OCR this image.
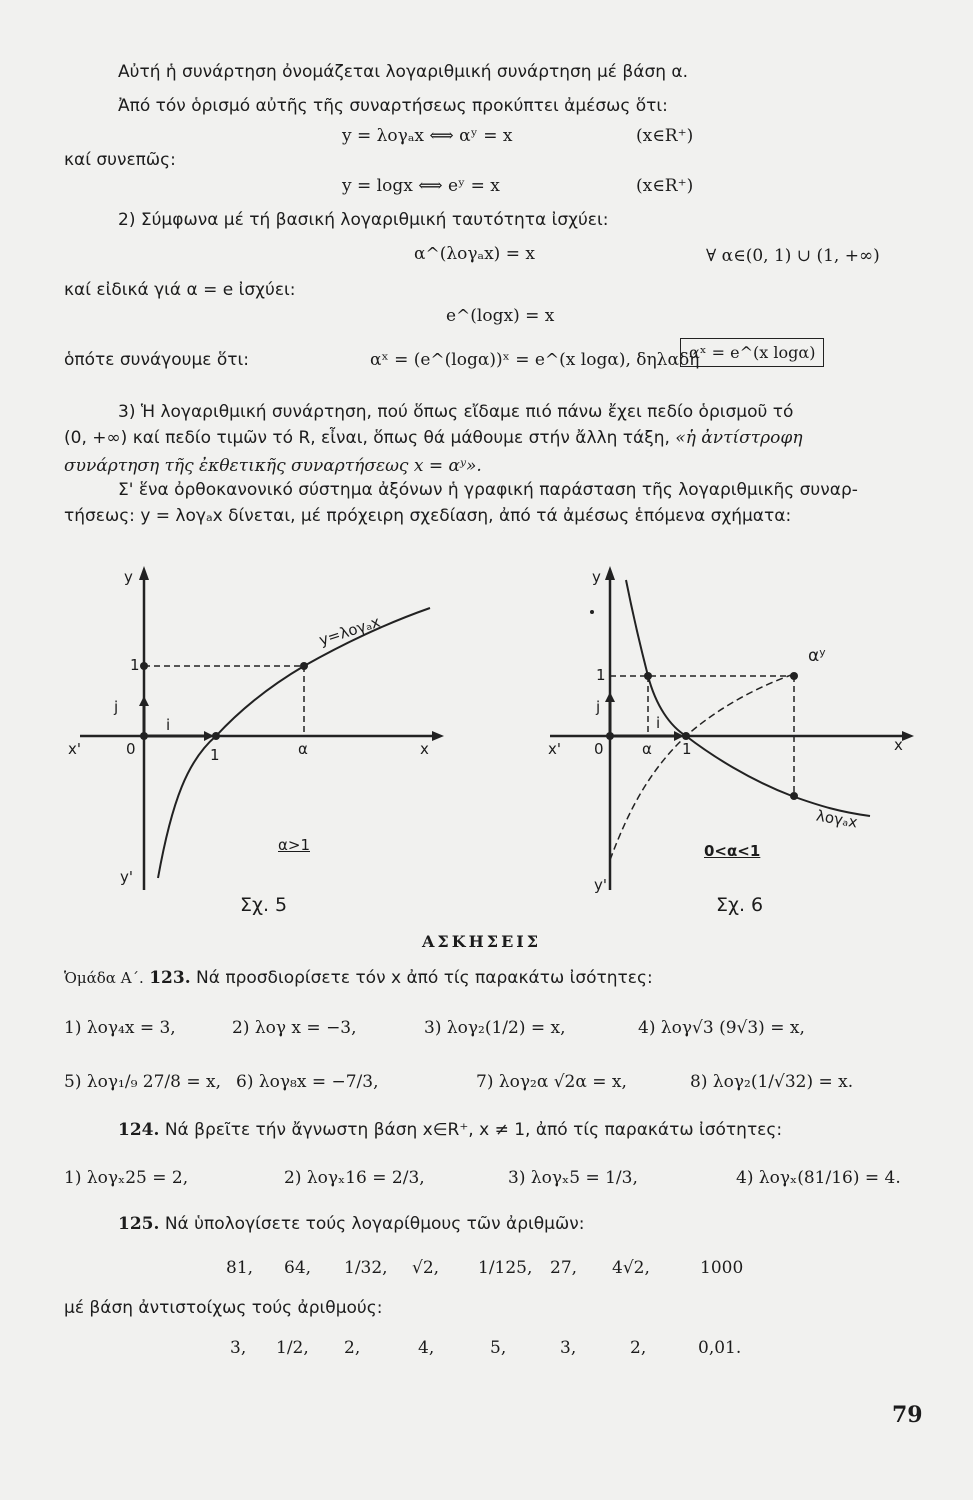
Αὐτή ἡ συνάρτηση ὀνομάζεται λογαριθμική συνάρτηση μέ βάση α.
Ἀπό τόν ὁρισμό αὐτῆς τῆς συναρτήσεως προκύπτει ἀμέσως ὅτι:
y = λογₐx ⟺ αʸ = x	(x∈R⁺)
καί συνεπῶς:
y = logx ⟺ eʸ = x	(x∈R⁺)
2) Σύμφωνα μέ τή βασική λογαριθμική ταυτότητα ἰσχύει:
α^(λογₐx) = x	∀ α∈(0, 1) ∪ (1, +∞)
καί εἰδικά γιά α = e ἰσχύει:
e^(logx) = x
ὁπότε συνάγουμε ὅτι:	αˣ = (e^(logα))ˣ = e^(x logα), δηλαδή
αˣ = e^(x logα)
3) Ἡ λογαριθμική συνάρτηση, πού ὅπως εἴδαμε πιό πάνω ἔχει πεδίο ὁρισμοῦ τό
(0, +∞) καί πεδίο τιμῶν τό R, εἶναι, ὅπως θά μάθουμε στήν ἄλλη τάξη, «ἡ ἀντίστροφη
συνάρτηση τῆς ἐκθετικῆς συναρτήσεως x = αʸ».
Σ' ἕνα ὀρθοκανονικό σύστημα ἀξόνων ἡ γραφική παράσταση τῆς λογαριθμικῆς συναρ-
τήσεως: y = λογₐx δίνεται, μέ πρόχειρη σχεδίαση, ἀπό τά ἀμέσως ἑπόμενα σχήματα:
y
y'
x
x'	0
1
1	α
j
i
y=λογₐx
α>1
Σχ. 5
y
y'
x
x' 0
1
1
α
j
i
αʸ
λογₐx
0<α<1
Σχ. 6
ΑΣΚΗΣΕΙΣ
Ὁμάδα Α΄. 123. Νά προσδιορίσετε τόν x ἀπό τίς παρακάτω ἰσότητες:
1) λογ₄x = 3,	2) λογ x = −3,	3) λογ₂(1/2) = x,	4) λογ√3 (9√3) = x,
5) λογ₁/₉ 27/8 = x, 6) λογ₈x = −7/3,	7) λογ₂α √2α = x,	8) λογ₂(1/√32) = x.
124. Νά βρεῖτε τήν ἄγνωστη βάση x∈R⁺, x ≠ 1, ἀπό τίς παρακάτω ἰσότητες:
1) λογₓ25 = 2,	2) λογₓ16 = 2/3,	3) λογₓ5 = 1/3,	4) λογₓ(81/16) = 4.
125. Νά ὑπολογίσετε τούς λογαρίθμους τῶν ἀριθμῶν:
81, 64, 1/32, √2, 1/125, 27, 4√2,	1000
μέ βάση ἀντιστοίχως τούς ἀριθμούς:
3, 1/2, 2,	4,	5,	3,	2,	0,01.
79
